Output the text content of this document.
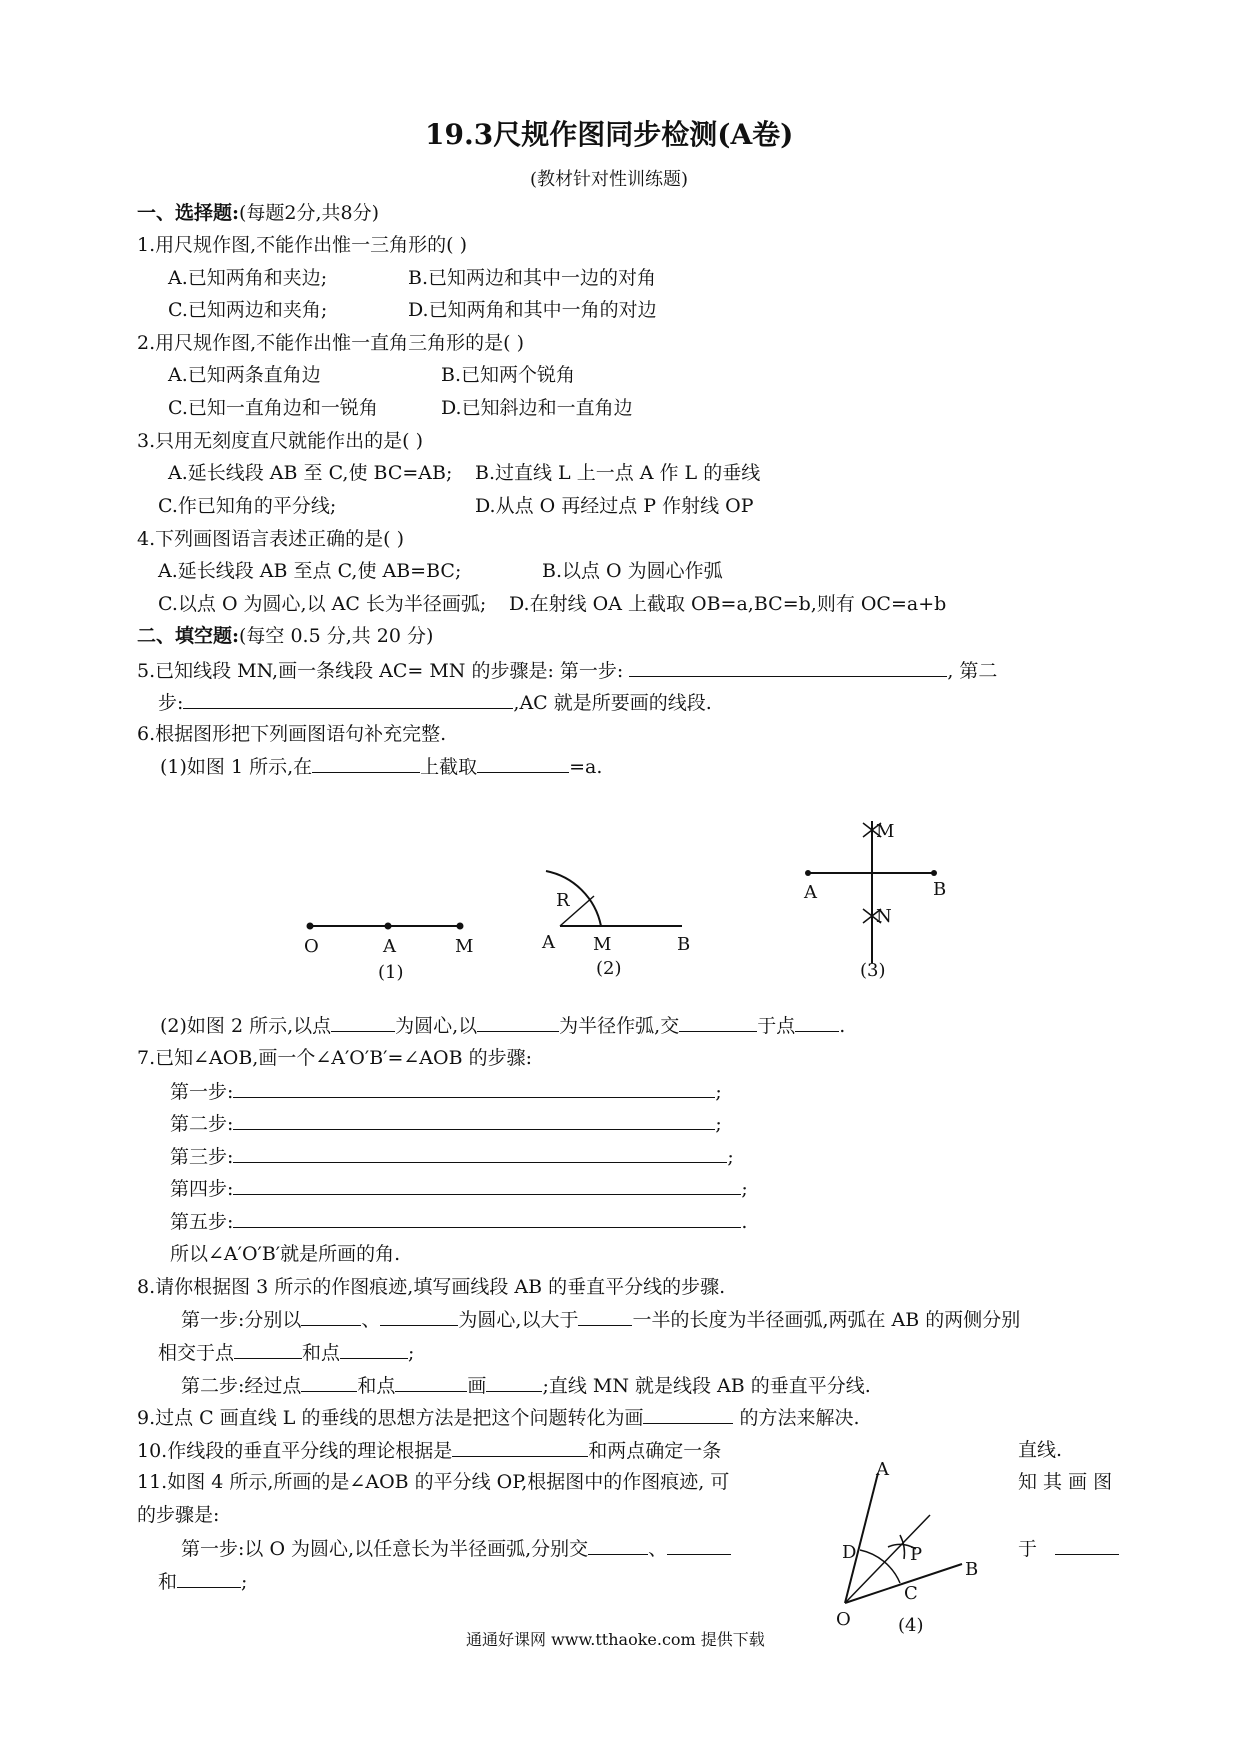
19.3尺规作图同步检测(A卷)
(教材针对性训练题)
一、选择题:(每题2分,共8分)
1.用尺规作图,不能作出惟一三角形的( )
A.已知两角和夹边;	B.已知两边和其中一边的对角
C.已知两边和夹角;	D.已知两角和其中一角的对边
2.用尺规作图,不能作出惟一直角三角形的是( )
A.已知两条直角边	B.已知两个锐角
C.已知一直角边和一锐角	D.已知斜边和一直角边
3.只用无刻度直尺就能作出的是( )
A.延长线段 AB 至 C,使 BC=AB; B.过直线 L 上一点 A 作 L 的垂线
C.作已知角的平分线;	D.从点 O 再经过点 P 作射线 OP
4.下列画图语言表述正确的是( )
A.延长线段 AB 至点 C,使 AB=BC;	B.以点 O 为圆心作弧
C.以点 O 为圆心,以 AC 长为半径画弧; D.在射线 OA 上截取 OB=a,BC=b,则有 OC=a+b
二、填空题:(每空 0.5 分,共 20 分)
5.已知线段 MN,画一条线段 AC= MN 的步骤是: 第一步:	, 第二
步:	,AC 就是所要画的线段.
6.根据图形把下列画图语句补充完整.
(1)如图 1 所示,在	上截取	=a.
O	A	M
(1)
R
A M	B
(2)
M
A	B
N
(3)
(2)如图 2 所示,以点	为圆心,以	为半径作弧,交	于点 .
7.已知∠AOB,画一个∠A′O′B′=∠AOB 的步骤:
第一步:	;
第二步:	;
第三步:	;
第四步:	;
第五步:	.
所以∠A′O′B′就是所画的角.
8.请你根据图 3 所示的作图痕迹,填写画线段 AB 的垂直平分线的步骤.
第一步:分别以	、	为圆心,以大于	一半的长度为半径画弧,两弧在 AB 的两侧分别
相交于点	和点	;
第二步:经过点	和点	画	;直线 MN 就是线段 AB 的垂直平分线.
9.过点 C 画直线 L 的垂线的思想方法是把这个问题转化为画	的方法来解决.
10.作线段的垂直平分线的理论根据是	和两点确定一条	直线.
11.如图 4 所示,所画的是∠AOB 的平分线 OP,根据图中的作图痕迹, 可	知 其 画 图
的步骤是:
第一步:以 O 为圆心,以任意长为半径画弧,分别交	、	于
和	;
A
D	P
B
C
O	(4)
通通好课网 www.tthaoke.com 提供下载
